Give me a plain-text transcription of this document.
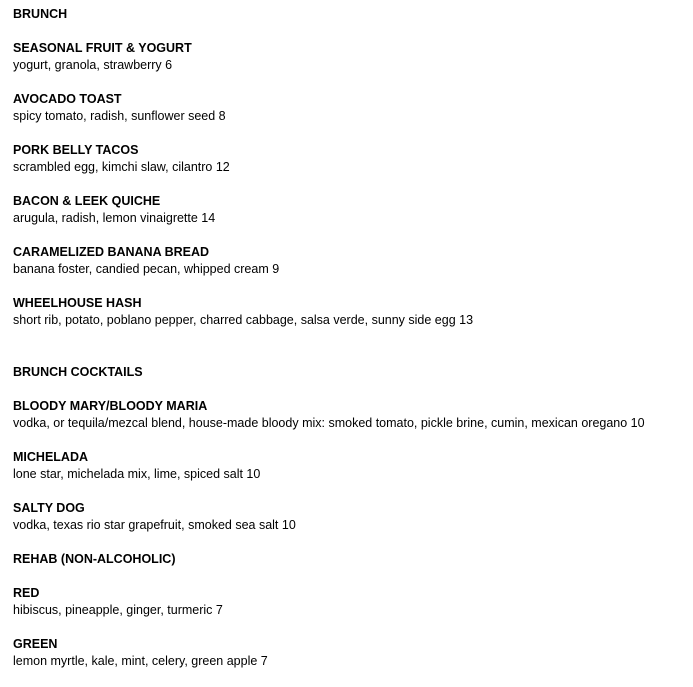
BRUNCH
SEASONAL FRUIT & YOGURT
yogurt, granola, strawberry 6
AVOCADO TOAST
spicy tomato, radish, sunflower seed 8
PORK BELLY TACOS
scrambled egg, kimchi slaw, cilantro 12
BACON & LEEK QUICHE
arugula, radish, lemon vinaigrette 14
CARAMELIZED BANANA BREAD
banana foster, candied pecan, whipped cream 9
WHEELHOUSE HASH
short rib, potato, poblano pepper, charred cabbage, salsa verde, sunny side egg 13
BRUNCH COCKTAILS
BLOODY MARY/BLOODY MARIA
vodka, or tequila/mezcal blend, house-made bloody mix: smoked tomato, pickle brine, cumin, mexican oregano 10
MICHELADA
lone star, michelada mix, lime, spiced salt 10
SALTY DOG
vodka, texas rio star grapefruit, smoked sea salt 10
REHAB (NON-ALCOHOLIC)
RED
hibiscus, pineapple, ginger, turmeric 7
GREEN
lemon myrtle, kale, mint, celery, green apple 7
